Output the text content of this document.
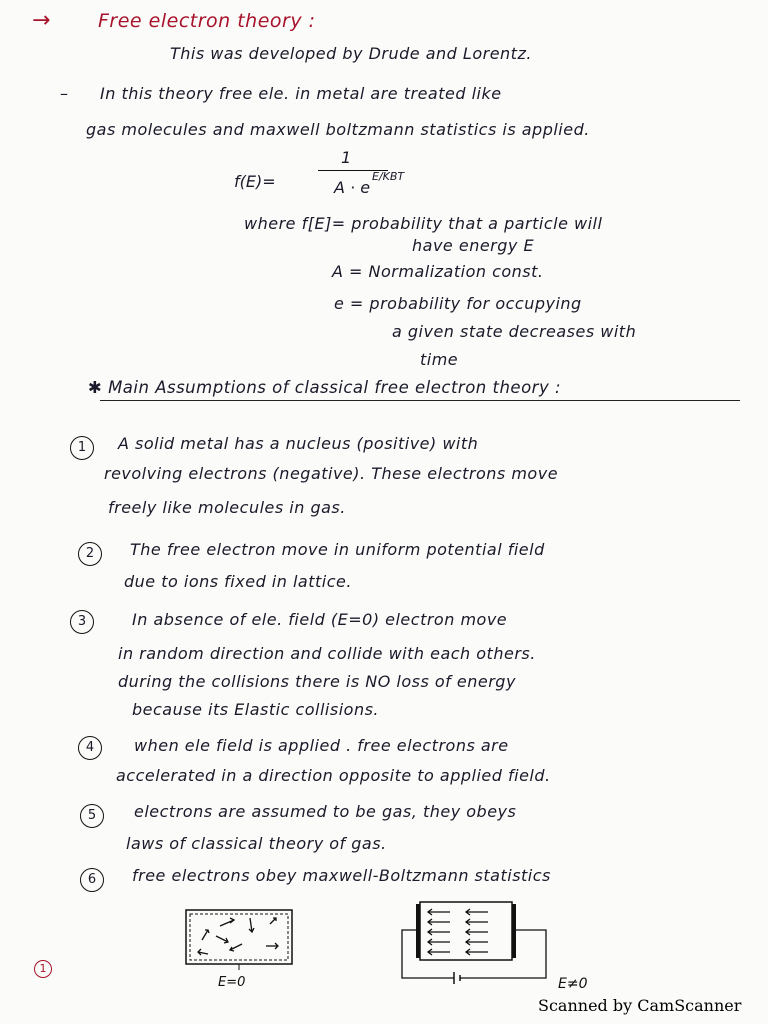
→ Free electron theory :
This was developed by Drude and Lorentz.
– In this theory free ele. in metal are treated like
gas molecules and maxwell boltzmann statistics is applied.
f(E)=
1
A · e
E/KBT
where f[E]= probability that a particle will
have energy E
A = Normalization const.
e = probability for occupying
a given state decreases with
time
✱ Main Assumptions of classical free electron theory :
1	A solid metal has a nucleus (positive) with
revolving electrons (negative). These electrons move
freely like molecules in gas.
2	The free electron move in uniform potential field
due to ions fixed in lattice.
3	In absence of ele. field (E=0) electron move
in random direction and collide with each others.
during the collisions there is NO loss of energy
because its Elastic collisions.
4	when ele field is applied . free electrons are
accelerated in a direction opposite to applied field.
5	electrons are assumed to be gas, they obeys
laws of classical theory of gas.
6	free electrons obey maxwell-Boltzmann statistics
E=0	E≠0
1
Scanned by CamScanner
